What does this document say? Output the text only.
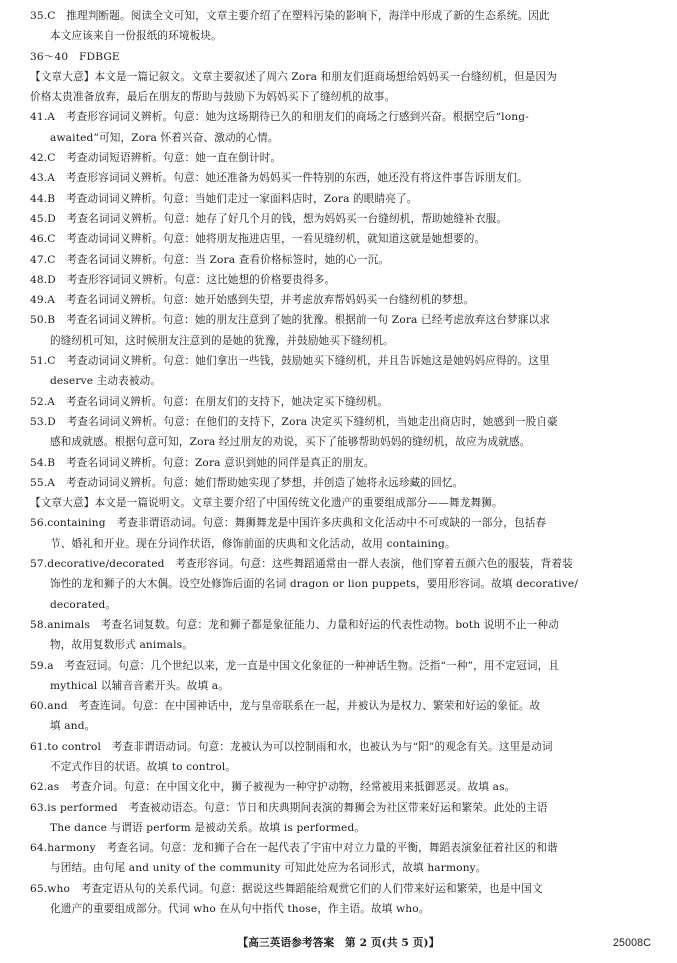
35.C　推理判断题。阅读全文可知，文章主要介绍了在塑料污染的影响下，海洋中形成了新的生态系统。因此
本文应该来自一份报纸的环境板块。
36～40　FDBGE
【文章大意】本文是一篇记叙文。文章主要叙述了周六 Zora 和朋友们逛商场想给妈妈买一台缝纫机，但是因为
价格太贵准备放弃，最后在朋友的帮助与鼓励下为妈妈买下了缝纫机的故事。
41.A　考查形容词词义辨析。句意：她为这场期待已久的和朋友们的商场之行感到兴奋。根据空后“long-
awaited”可知，Zora 怀着兴奋、激动的心情。
42.C　考查动词短语辨析。句意：她一直在倒计时。
43.A　考查形容词词义辨析。句意：她还准备为妈妈买一件特别的东西，她还没有将这件事告诉朋友们。
44.B　考查动词词义辨析。句意：当她们走过一家面料店时，Zora 的眼睛亮了。
45.D　考查名词词义辨析。句意：她存了好几个月的钱，想为妈妈买一台缝纫机，帮助她缝补衣服。
46.C　考查动词词义辨析。句意：她将朋友拖进店里，一看见缝纫机，就知道这就是她想要的。
47.C　考查名词词义辨析。句意：当 Zora 查看价格标签时，她的心一沉。
48.D　考查形容词词义辨析。句意：这比她想的价格要贵得多。
49.A　考查名词词义辨析。句意：她开始感到失望，并考虑放弃帮妈妈买一台缝纫机的梦想。
50.B　考查名词词义辨析。句意：她的朋友注意到了她的犹豫。根据前一句 Zora 已经考虑放弃这台梦寐以求
的缝纫机可知，这时候朋友注意到的是她的犹豫，并鼓励她买下缝纫机。
51.C　考查动词词义辨析。句意：她们拿出一些钱，鼓励她买下缝纫机，并且告诉她这是她妈妈应得的。这里
deserve 主动表被动。
52.A　考查名词词义辨析。句意：在朋友们的支持下，她决定买下缝纫机。
53.D　考查名词词义辨析。句意：在他们的支持下，Zora 决定买下缝纫机，当她走出商店时，她感到一股自豪
感和成就感。根据句意可知，Zora 经过朋友的劝说，买下了能够帮助妈妈的缝纫机，故应为成就感。
54.B　考查名词词义辨析。句意：Zora 意识到她的同伴是真正的朋友。
55.A　考查动词词义辨析。句意：她们帮助她实现了梦想，并创造了她将永远珍藏的回忆。
【文章大意】本文是一篇说明文。文章主要介绍了中国传统文化遗产的重要组成部分——舞龙舞狮。
56.containing　考查非谓语动词。句意：舞狮舞龙是中国许多庆典和文化活动中不可或缺的一部分，包括春
节、婚礼和开业。现在分词作状语，修饰前面的庆典和文化活动，故用 containing。
57.decorative/decorated　考查形容词。句意：这些舞蹈通常由一群人表演，他们穿着五颜六色的服装，背着装
饰性的龙和狮子的大木偶。设空处修饰后面的名词 dragon or lion puppets，要用形容词。故填 decorative/
decorated。
58.animals　考查名词复数。句意：龙和狮子都是象征能力、力量和好运的代表性动物。both 说明不止一种动
物，故用复数形式 animals。
59.a　考查冠词。句意：几个世纪以来，龙一直是中国文化象征的一种神话生物。泛指“一种”，用不定冠词，且
mythical 以辅音音素开头。故填 a。
60.and　考查连词。句意：在中国神话中，龙与皇帝联系在一起，并被认为是权力、繁荣和好运的象征。故
填 and。
61.to control　考查非谓语动词。句意：龙被认为可以控制雨和水，也被认为与“阳”的观念有关。这里是动词
不定式作目的状语。故填 to control。
62.as　考查介词。句意：在中国文化中，狮子被视为一种守护动物，经常被用来抵御恶灵。故填 as。
63.is performed　考查被动语态。句意：节日和庆典期间表演的舞狮会为社区带来好运和繁荣。此处的主语
The dance 与谓语 perform 是被动关系。故填 is performed。
64.harmony　考查名词。句意：龙和狮子合在一起代表了宇宙中对立力量的平衡，舞蹈表演象征着社区的和谐
与团结。由句尾 and unity of the community 可知此处应为名词形式，故填 harmony。
65.who　考查定语从句的关系代词。句意：据说这些舞蹈能给观赏它们的人们带来好运和繁荣，也是中国文
化遗产的重要组成部分。代词 who 在从句中指代 those，作主语。故填 who。
【高三英语参考答案　第 2 页(共 5 页)】	25008C
